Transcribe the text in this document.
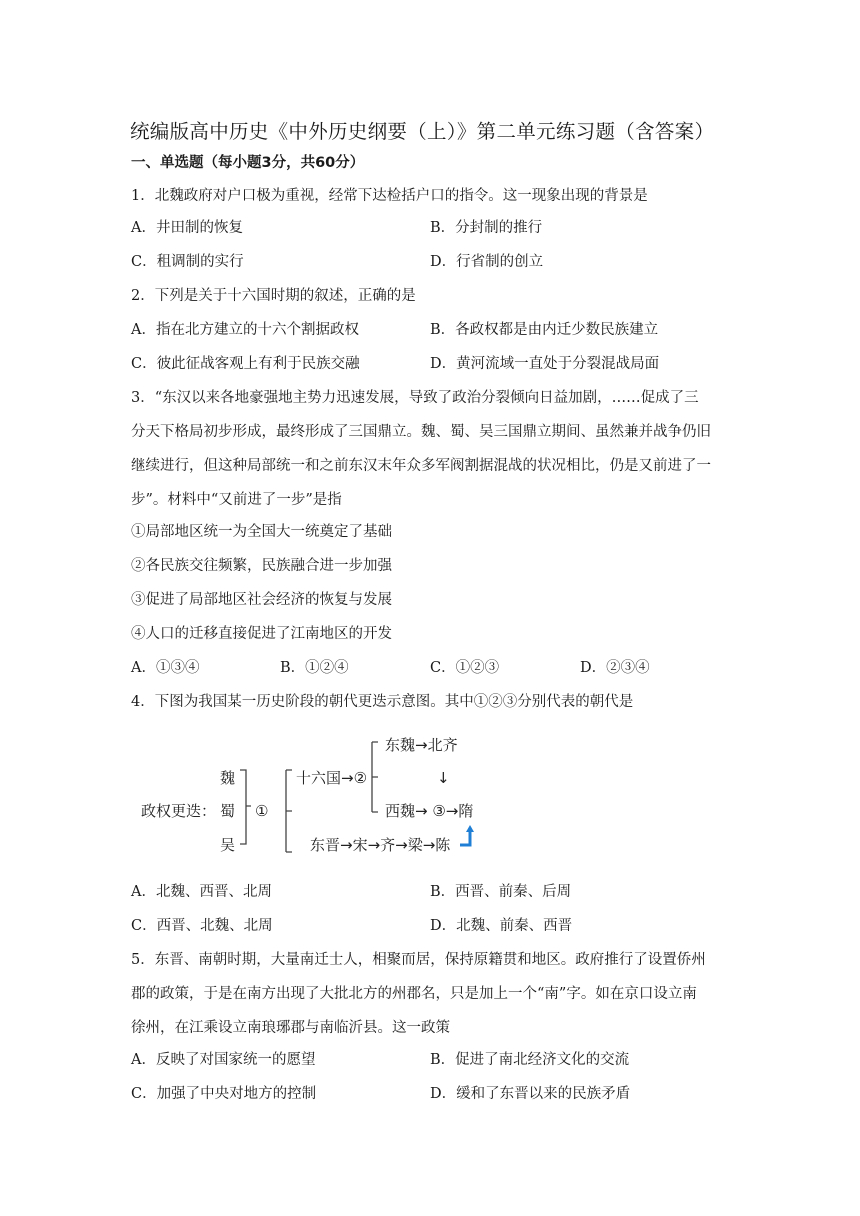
统编版高中历史《中外历史纲要（上）》第二单元练习题（含答案）
一、单选题（每小题3分，共60分）
1．北魏政府对户口极为重视，经常下达检括户口的指令。这一现象出现的背景是
A．井田制的恢复	B．分封制的推行
C．租调制的实行	D．行省制的创立
2．下列是关于十六国时期的叙述，正确的是
A．指在北方建立的十六个割据政权	B．各政权都是由内迁少数民族建立
C．彼此征战客观上有利于民族交融	D．黄河流域一直处于分裂混战局面
3．“东汉以来各地豪强地主势力迅速发展，导致了政治分裂倾向日益加剧，……促成了三
分天下格局初步形成，最终形成了三国鼎立。魏、蜀、吴三国鼎立期间、虽然兼并战争仍旧
继续进行，但这种局部统一和之前东汉末年众多军阀割据混战的状况相比，仍是又前进了一
步”。材料中“又前进了一步”是指
①局部地区统一为全国大一统奠定了基础
②各民族交往频繁，民族融合进一步加强
③促进了局部地区社会经济的恢复与发展
④人口的迁移直接促进了江南地区的开发
A．①③④	B．①②④	C．①②③	D．②③④
4．下图为我国某一历史阶段的朝代更迭示意图。其中①②③分别代表的朝代是
魏
政权更迭： 蜀
吴
①
十六国→②
东魏→北齐
↓
西魏→ ③→隋
东晋→宋→齐→梁→陈
A．北魏、西晋、北周	B．西晋、前秦、后周
C．西晋、北魏、北周	D．北魏、前秦、西晋
5．东晋、南朝时期，大量南迁士人，相聚而居，保持原籍贯和地区。政府推行了设置侨州
郡的政策，于是在南方出现了大批北方的州郡名，只是加上一个“南”字。如在京口设立南
徐州，在江乘设立南琅琊郡与南临沂县。这一政策
A．反映了对国家统一的愿望	B．促进了南北经济文化的交流
C．加强了中央对地方的控制	D．缓和了东晋以来的民族矛盾
